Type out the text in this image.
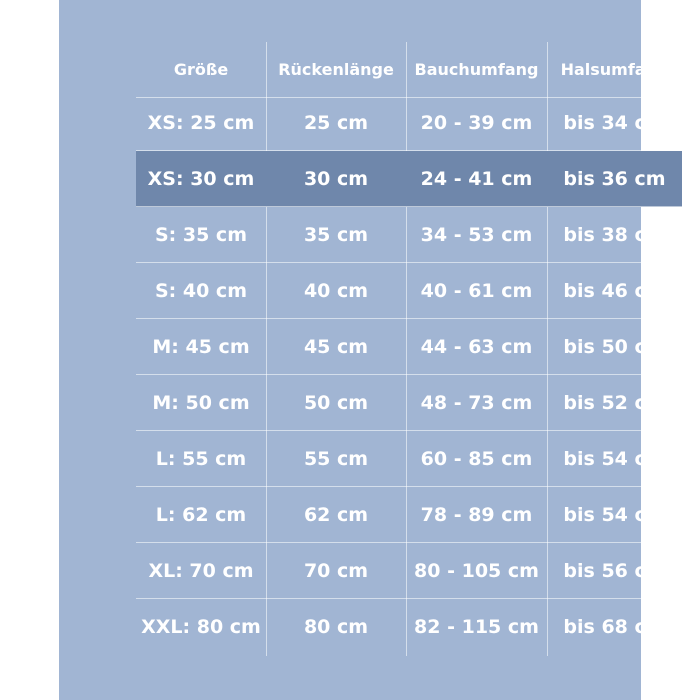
Größe	Rückenlänge	Bauchumfang	Halsumfang
XS: 25 cm	25 cm	20 - 39 cm	bis 34 cm
XS: 30 cm	30 cm	24 - 41 cm	bis 36 cm
S: 35 cm	35 cm	34 - 53 cm	bis 38 cm
S: 40 cm	40 cm	40 - 61 cm	bis 46 cm
M: 45 cm	45 cm	44 - 63 cm	bis 50 cm
M: 50 cm	50 cm	48 - 73 cm	bis 52 cm
L: 55 cm	55 cm	60 - 85 cm	bis 54 cm
L: 62 cm	62 cm	78 - 89 cm	bis 54 cm
XL: 70 cm	70 cm	80 - 105 cm	bis 56 cm
XXL: 80 cm	80 cm	82 - 115 cm	bis 68 cm
